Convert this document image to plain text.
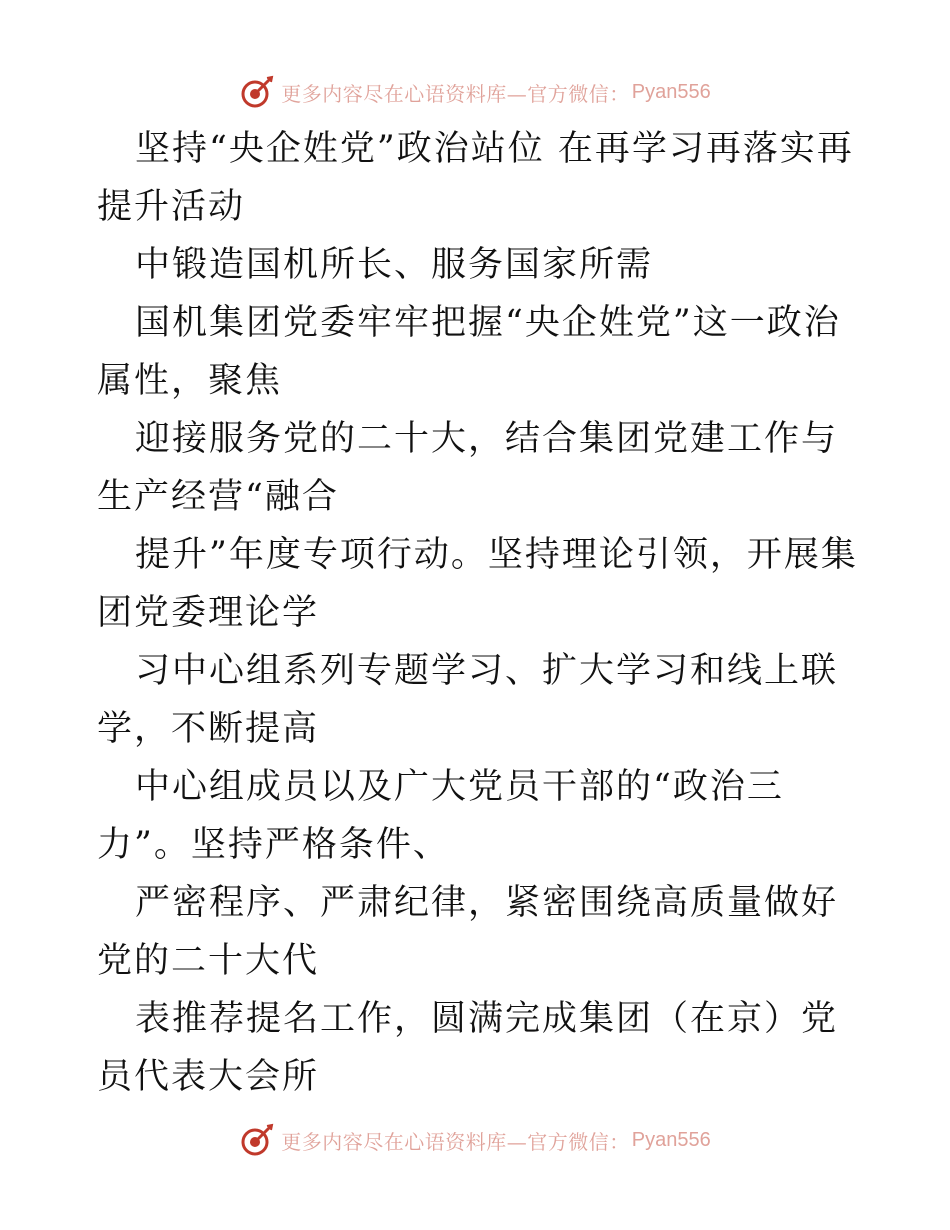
更多内容尽在心语资料库—官方微信： Pyan556

坚持“央企姓党”政治站位 在再学习再落实再提升活动

中锻造国机所长、服务国家所需

国机集团党委牢牢把握“央企姓党”这一政治属性，聚焦

迎接服务党的二十大，结合集团党建工作与生产经营“融合

提升”年度专项行动。坚持理论引领，开展集团党委理论学

习中心组系列专题学习、扩大学习和线上联学，不断提高

中心组成员以及广大党员干部的“政治三力”。坚持严格条件、

严密程序、严肃纪律，紧密围绕高质量做好党的二十大代

表推荐提名工作，圆满完成集团（在京）党员代表大会所

更多内容尽在心语资料库—官方微信： Pyan556
